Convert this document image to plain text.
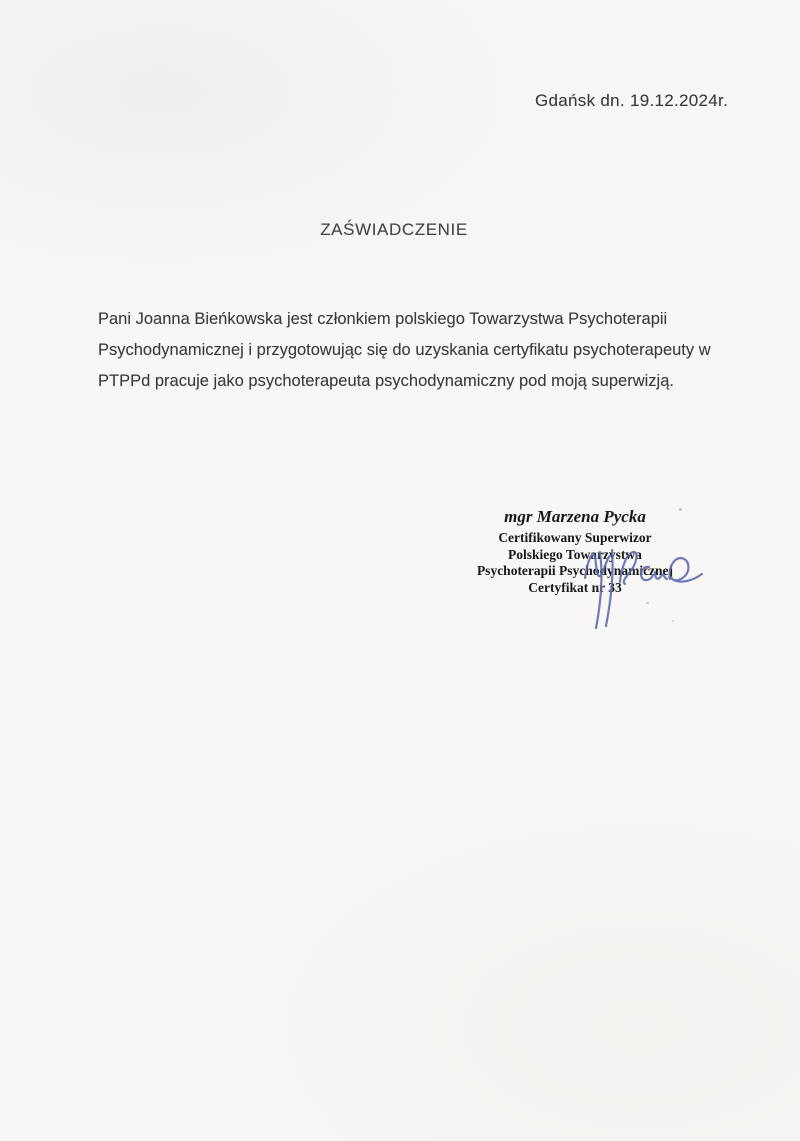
Gdańsk dn. 19.12.2024r.
ZAŚWIADCZENIE
Pani Joanna Bieńkowska jest członkiem polskiego Towarzystwa Psychoterapii
Psychodynamicznej i przygotowując się do uzyskania certyfikatu psychoterapeuty w
PTPPd pracuje jako psychoterapeuta psychodynamiczny pod moją superwizją.
mgr Marzena Pycka
Certifikowany Superwizor
Polskiego Towarzystwa
Psychoterapii Psychodynamicznej
Certyfikat nr 33
